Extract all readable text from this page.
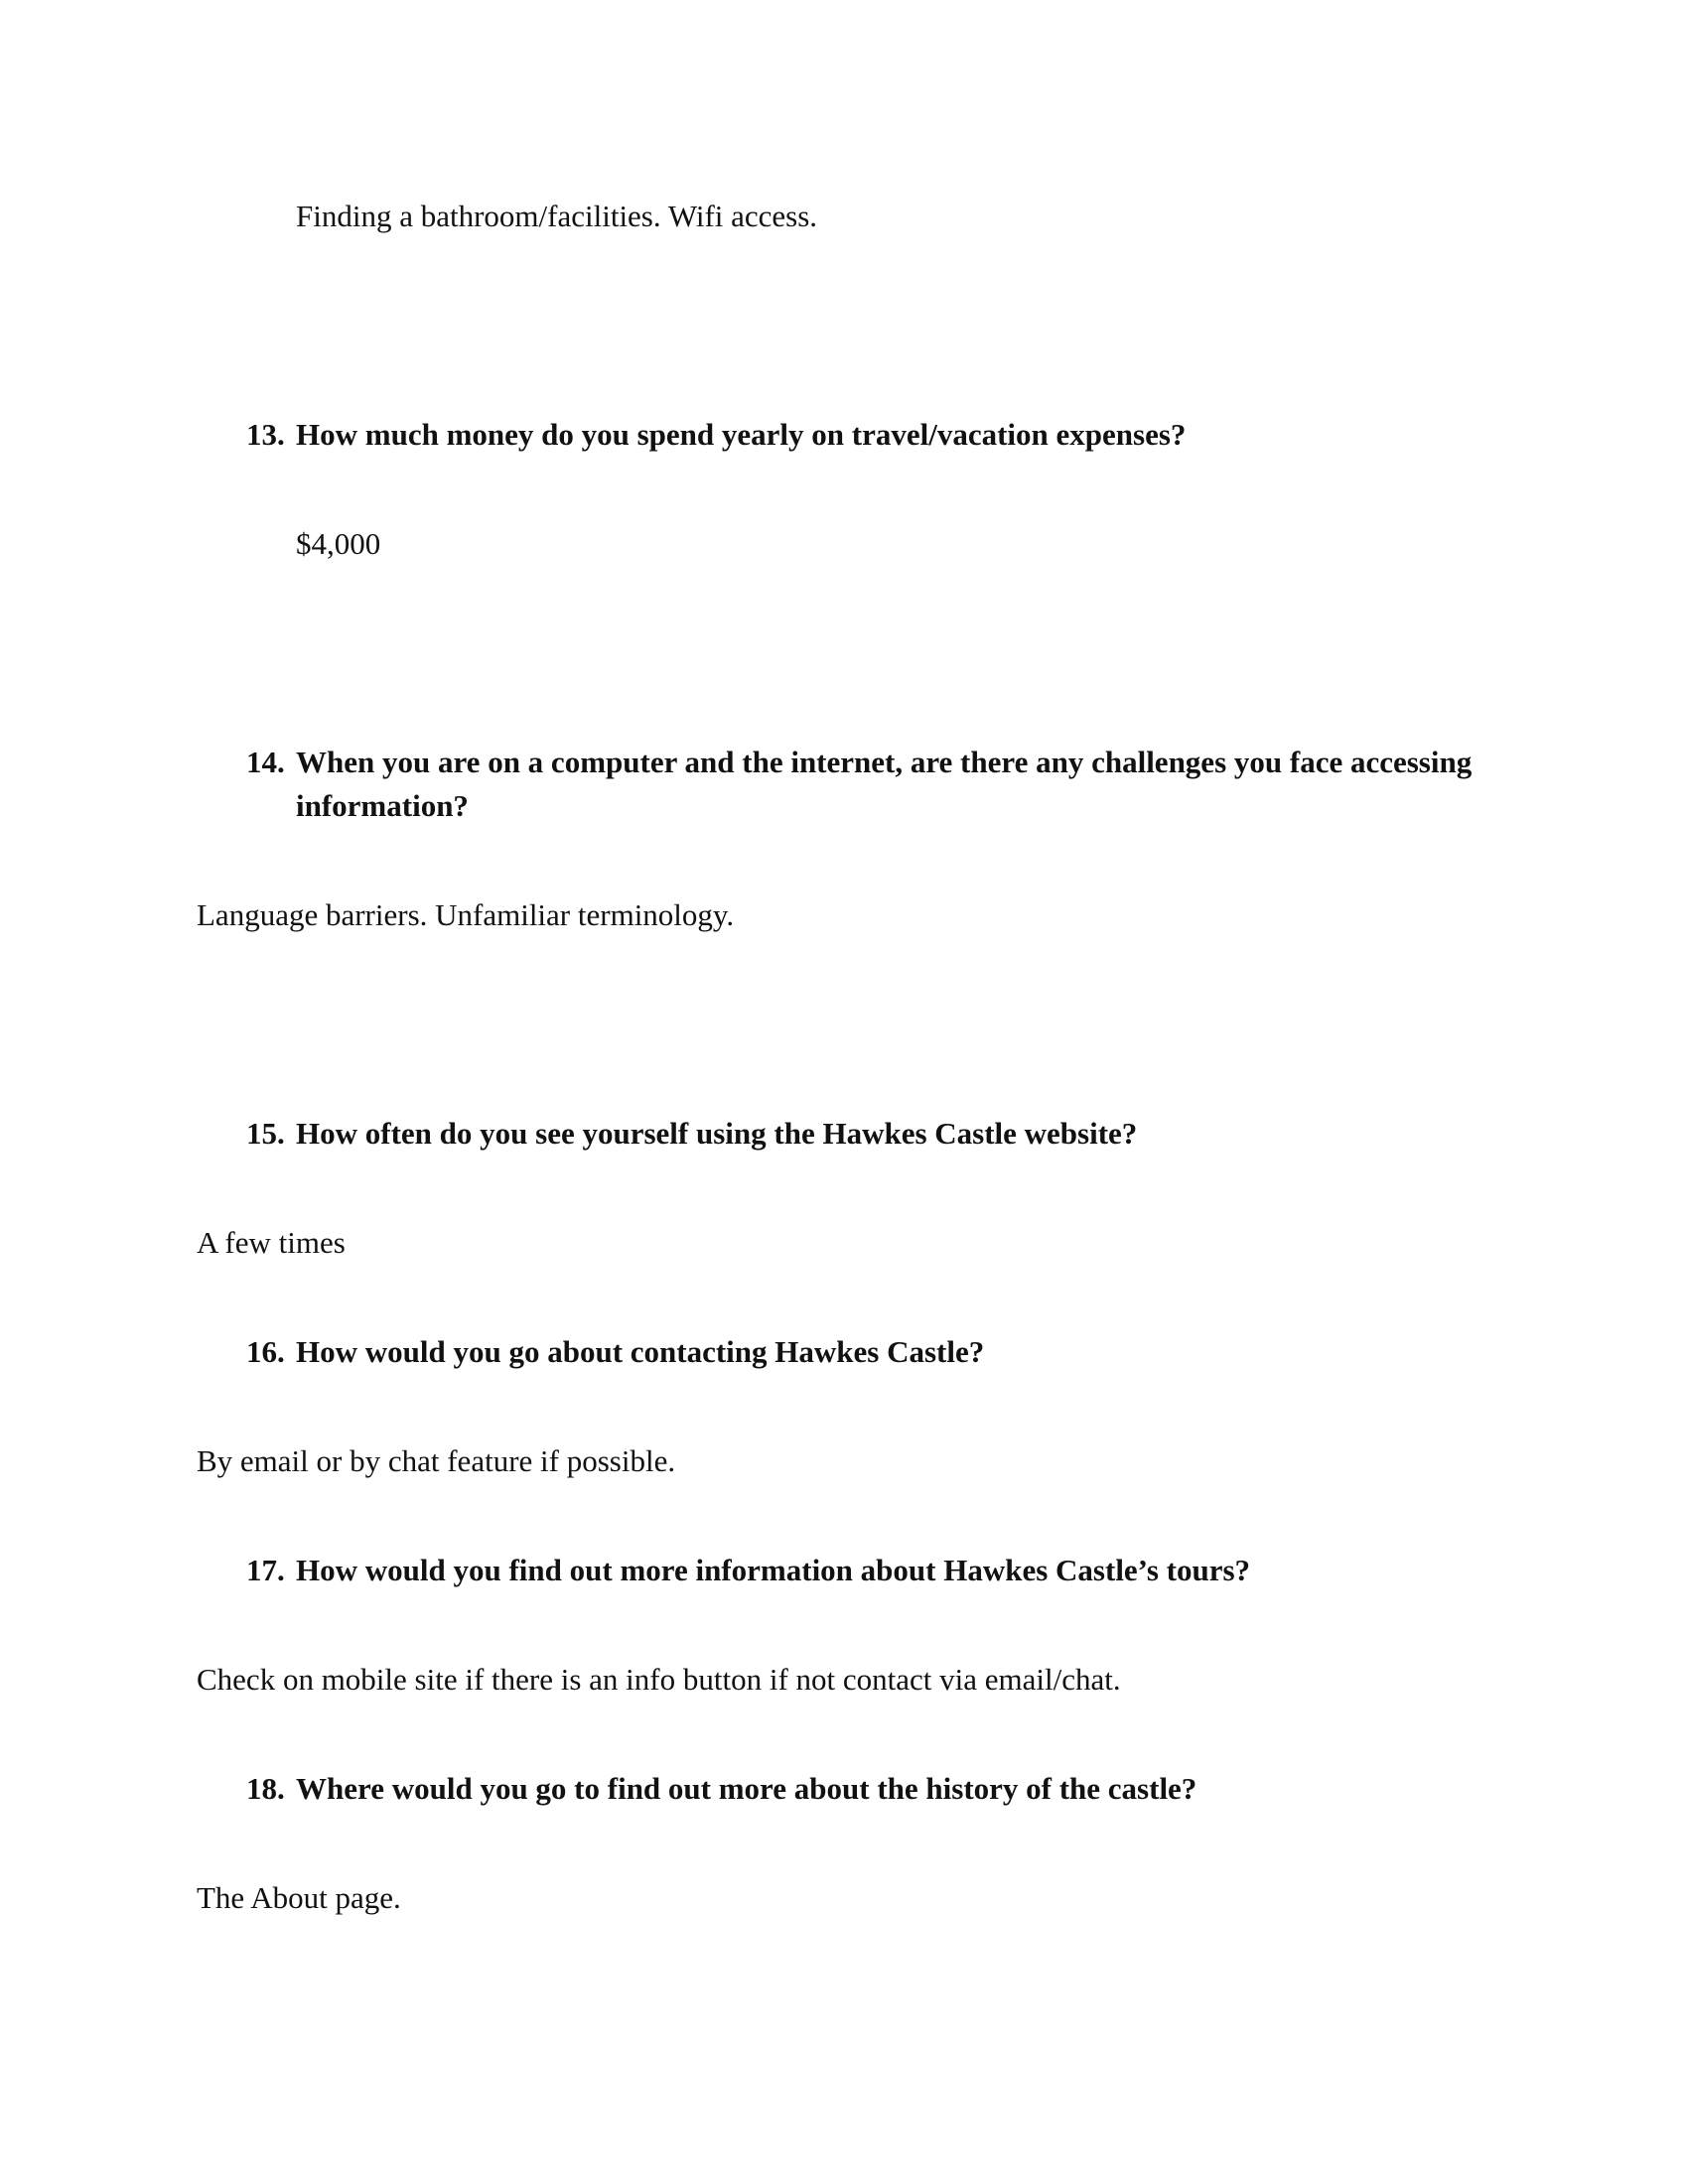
Finding a bathroom/facilities. Wifi access.
13. How much money do you spend yearly on travel/vacation expenses?
$4,000
14. When you are on a computer and the internet, are there any challenges you face accessing information?
Language barriers. Unfamiliar terminology.
15. How often do you see yourself using the Hawkes Castle website?
A few times
16. How would you go about contacting Hawkes Castle?
By email or by chat feature if possible.
17. How would you find out more information about Hawkes Castle’s tours?
Check on mobile site if there is an info button if not contact via email/chat.
18. Where would you go to find out more about the history of the castle?
The About page.
